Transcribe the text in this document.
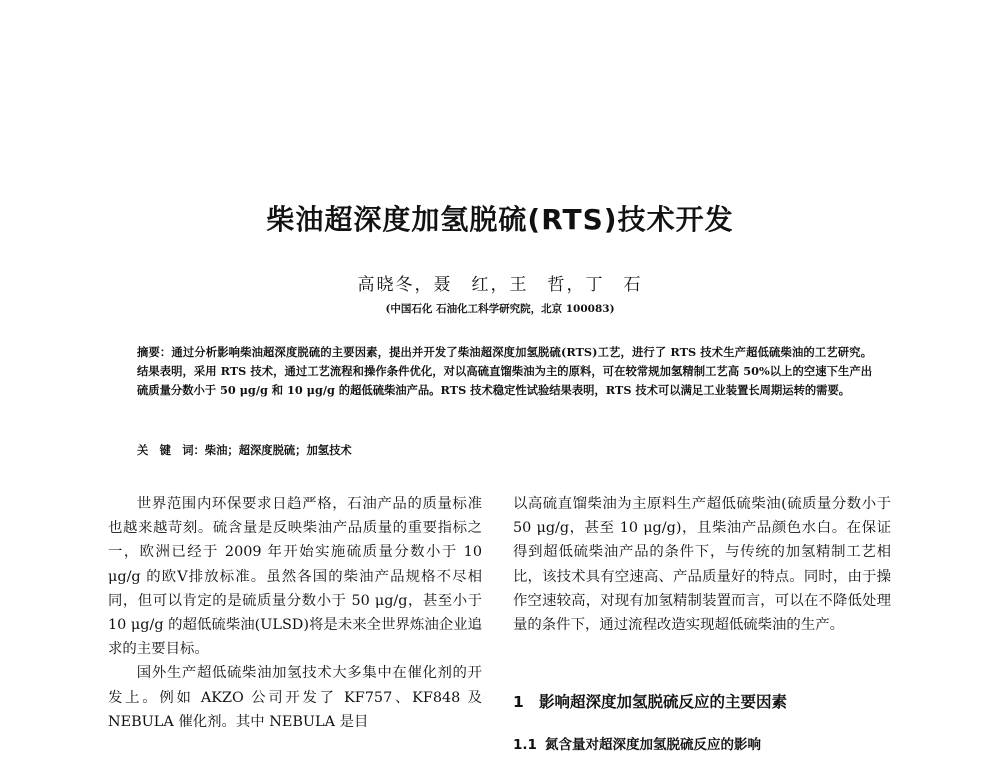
柴油超深度加氢脱硫(RTS)技术开发
高晓冬，聂　红，王　哲，丁　石
(中国石化 石油化工科学研究院，北京 100083)
摘要：通过分析影响柴油超深度脱硫的主要因素，提出并开发了柴油超深度加氢脱硫(RTS)工艺，进行了 RTS 技术生产超低硫柴油的工艺研究。结果表明，采用 RTS 技术，通过工艺流程和操作条件优化，对以高硫直馏柴油为主的原料，可在较常规加氢精制工艺高 50%以上的空速下生产出硫质量分数小于 50 μg/g 和 10 μg/g 的超低硫柴油产品。RTS 技术稳定性试验结果表明，RTS 技术可以满足工业装置长周期运转的需要。
关　键　词：柴油；超深度脱硫；加氢技术

世界范围内环保要求日趋严格，石油产品的质量标准也越来越苛刻。硫含量是反映柴油产品质量的重要指标之一，欧洲已经于 2009 年开始实施硫质量分数小于 10 μg/g 的欧Ⅴ排放标准。虽然各国的柴油产品规格不尽相同，但可以肯定的是硫质量分数小于 50 μg/g，甚至小于 10 μg/g 的超低硫柴油(ULSD)将是未来全世界炼油企业追求的主要目标。

国外生产超低硫柴油加氢技术大多集中在催化剂的开发上。例如 AKZO 公司开发了 KF757、KF848 及 NEBULA 催化剂。其中 NEBULA 是目

以高硫直馏柴油为主原料生产超低硫柴油(硫质量分数小于 50 μg/g，甚至 10 μg/g)，且柴油产品颜色水白。在保证得到超低硫柴油产品的条件下，与传统的加氢精制工艺相比，该技术具有空速高、产品质量好的特点。同时，由于操作空速较高，对现有加氢精制装置而言，可以在不降低处理量的条件下，通过流程改造实现超低硫柴油的生产。

1 影响超深度加氢脱硫反应的主要因素
1.1 氮含量对超深度加氢脱硫反应的影响
